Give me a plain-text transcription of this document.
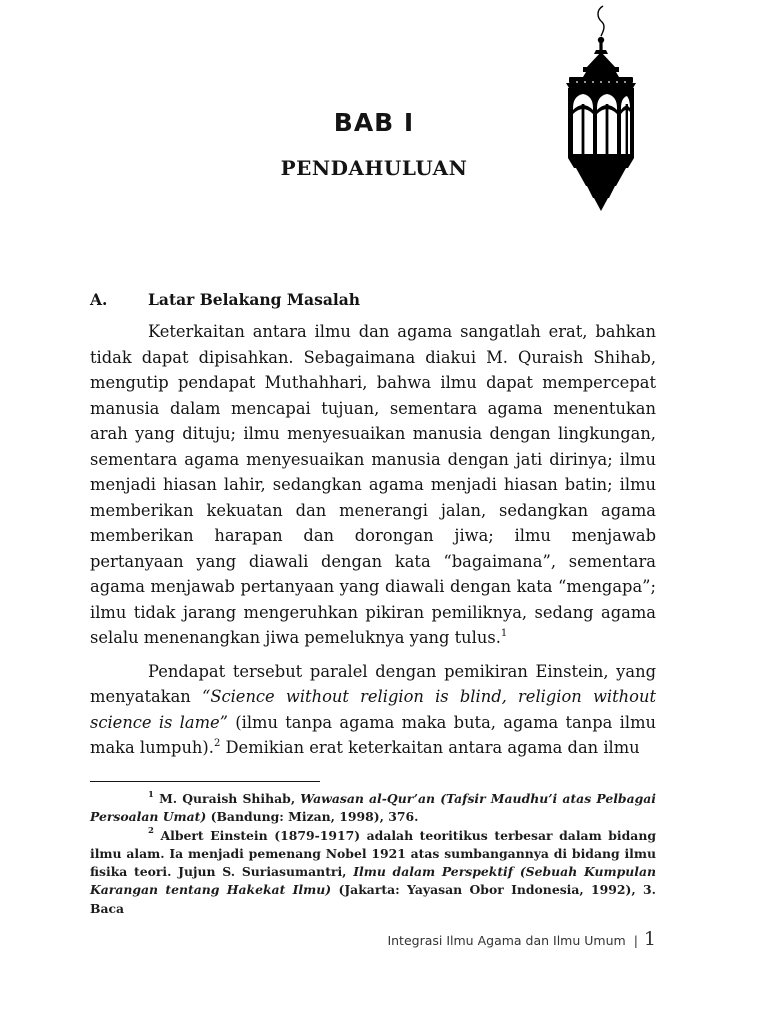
BAB I
PENDAHULUAN
A.	Latar Belakang Masalah

Keterkaitan antara ilmu dan agama sangatlah erat, bahkan tidak dapat dipisahkan. Sebagaimana diakui M. Quraish Shihab, mengutip pendapat Muthahhari, bahwa ilmu dapat mempercepat manusia dalam mencapai tujuan, sementara agama menentukan arah yang dituju; ilmu menyesuaikan manusia dengan lingkungan, sementara agama menyesuaikan manusia dengan jati dirinya; ilmu menjadi hiasan lahir, sedangkan agama menjadi hiasan batin; ilmu memberikan kekuatan dan menerangi jalan, sedangkan agama memberikan harapan dan dorongan jiwa; ilmu menjawab pertanyaan yang diawali dengan kata “bagaimana”, sementara agama menjawab pertanyaan yang diawali dengan kata “mengapa”; ilmu tidak jarang mengeruhkan pikiran pemiliknya, sedang agama selalu menenangkan jiwa pemeluknya yang tulus.$^1$

Pendapat tersebut paralel dengan pemikiran Einstein, yang menyatakan “Science without religion is blind, religion without science is lame” (ilmu tanpa agama maka buta, agama tanpa ilmu maka lumpuh).$^2$ Demikian erat keterkaitan antara agama dan ilmu

$^1$ M. Quraish Shihab, Wawasan al-Qur’an (Tafsir Maudhu’i atas Pelbagai Persoalan Umat) (Bandung: Mizan, 1998), 376.

$^2$ Albert Einstein (1879-1917) adalah teoritikus terbesar dalam bidang ilmu alam. Ia menjadi pemenang Nobel 1921 atas sumbangannya di bidang ilmu fisika teori. Jujun S. Suriasumantri, Ilmu dalam Perspektif (Sebuah Kumpulan Karangan tentang Hakekat Ilmu) (Jakarta: Yayasan Obor Indonesia, 1992), 3. Baca

Integrasi Ilmu Agama dan Ilmu Umum | 1
